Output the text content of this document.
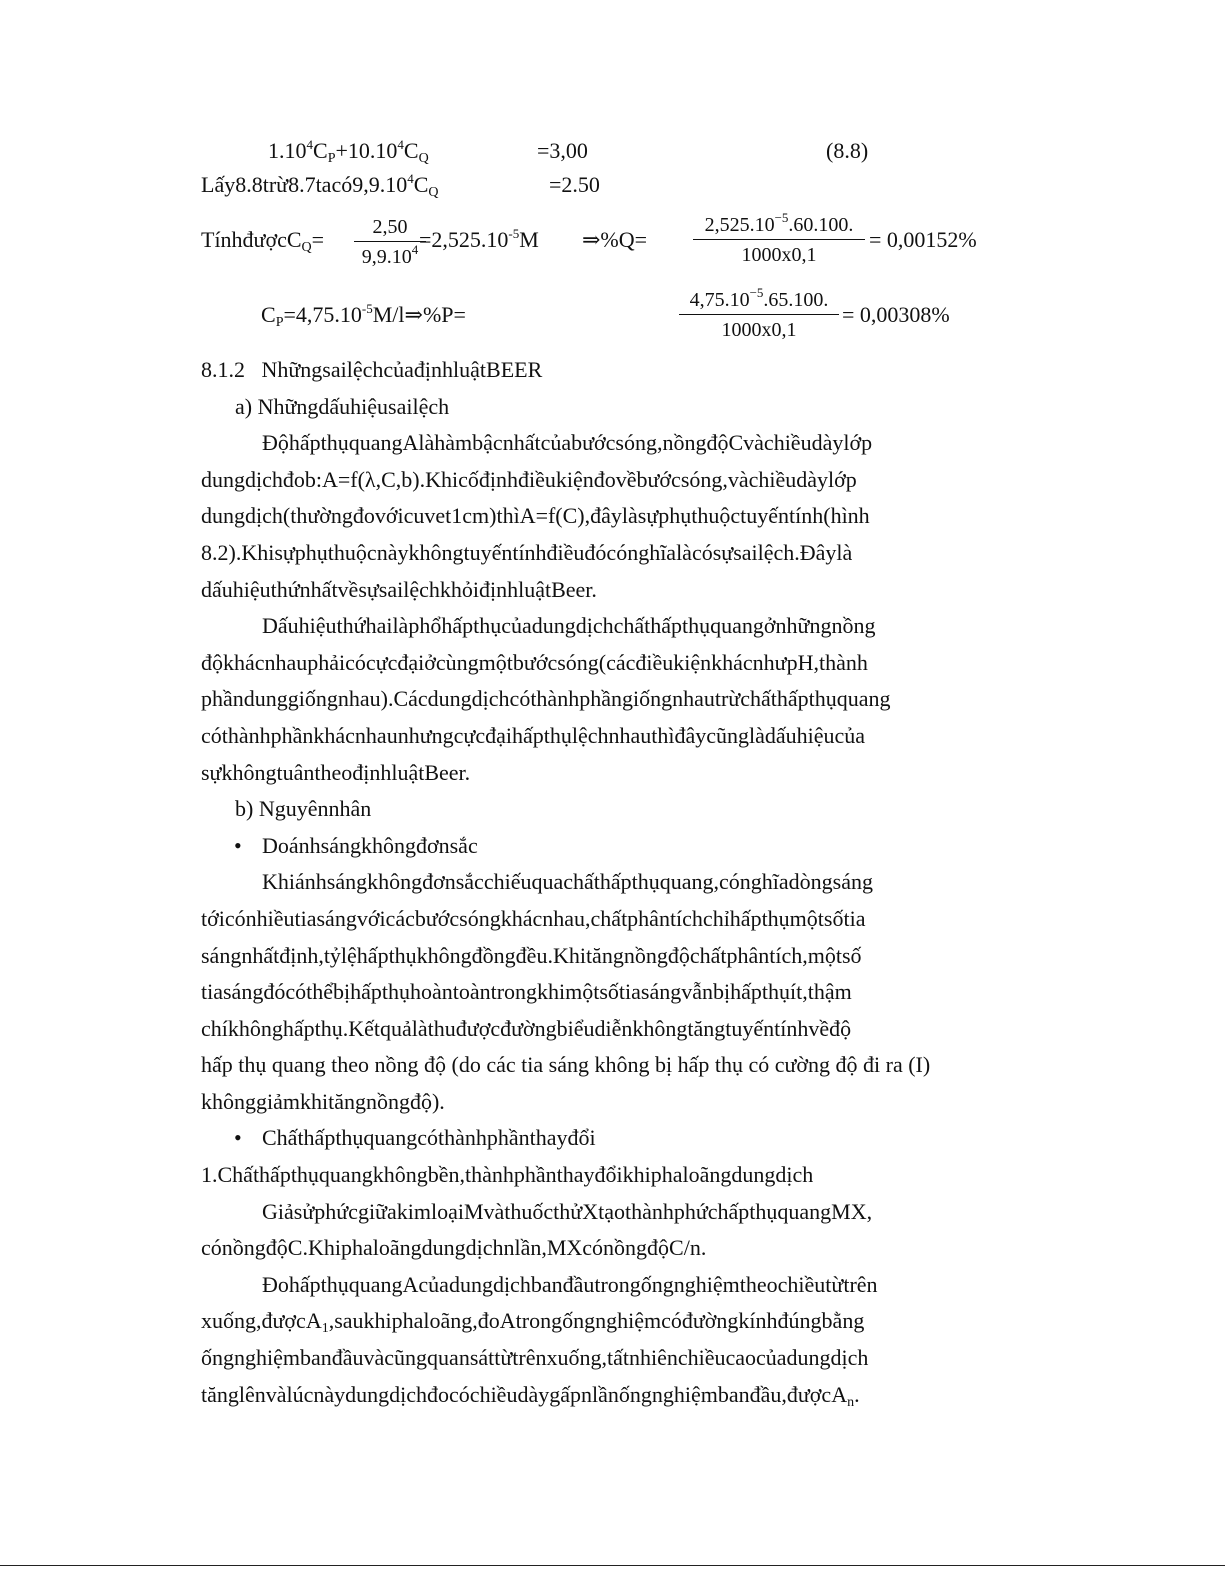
$1.10^4C_P+10.10^4C_Q$	=3,00	(8.8)
$Lấy8.8trừ8.7tacó9,9.10^4C_Q$	=2.50
TínhđượcC$_Q$= $\frac{2,50}{9,9.10^4}$
$=2,525.10^{-5}M$ ⇒%Q= $\frac{2,525.10^{-5}.60.100.}{1000x0,1} = 0,00152\%$
$C_P=4,75.10^{-5}M/l\Rightarrow\%P=$	$\frac{4,75.10^{-5}.65.100.}{1000x0,1} = 0,00308\%$
8.1.2 NhữngsailệchcủađịnhluậtBEER
a) Nhữngdấuhiệusailệch
ĐộhấpthụquangAlàhàmbậcnhấtcủabướcsóng,nồngđộCvàchiềudàylớp
dungdịchđob:A=f(λ,C,b).Khicốđịnhđiềukiệnđovềbướcsóng,vàchiềudàylớp
dungdịch(thườngđovớicuvet1cm)thìA=f(C),đâylàsựphụthuộctuyếntính(hình
8.2).Khisựphụthuộcnàykhôngtuyếntínhđiềuđócónghĩalàcósựsailệch.Đâylà
dấuhiệuthứnhấtvềsựsailệchkhỏiđịnhluậtBeer.
Dấuhiệuthứhailàphổhấpthụcủadungdịchchấthấpthụquangởnhữngnồng
độkhácnhauphảicócựcđạiởcùngmộtbướcsóng(cácđiềukiệnkhácnhưpH,thành
phầndunggiốngnhau).Cácdungdịchcóthànhphầngiốngnhautrừchấthấpthụquang
cóthànhphầnkhácnhaunhưngcựcđạihấpthụlệchnhauthìđâycũnglàdấuhiệucủa
sựkhôngtuântheođịnhluậtBeer.
b) Nguyênnhân
• Doánhsángkhôngđơnsắc
Khiánhsángkhôngđơnsắcchiếuquachấthấpthụquang,cónghĩadòngsáng
tớicónhiềutiasángvớicácbướcsóngkhácnhau,chấtphântíchchỉhấpthụmộtsốtia
sángnhấtđịnh,tỷlệhấpthụkhôngđồngđều.Khităngnồngđộchấtphântích,mộtsố
tiasángđócóthểbịhấpthụhoàntoàntrongkhimộtsốtiasángvẫnbịhấpthụít,thậm
chíkhônghấpthụ.Kếtquảlàthuđượcđườngbiểudiễnkhôngtăngtuyếntínhvềđộ
hấp thụ quang theo nồng độ (do các tia sáng không bị hấp thụ có cường độ đi ra (I)
khônggiảmkhităngnồngđộ).
• Chấthấpthụquangcóthànhphầnthayđổi
1.Chấthấpthụquangkhôngbền,thànhphầnthayđổikhiphaloãngdungdịch
GiảsửphứcgiữakimloạiMvàthuốcthửXtạothànhphứchấpthụquangMX,
cónồngđộC.Khiphaloãngdungdịchnlần,MXcónồngđộC/n.
ĐohấpthụquangAcủadungdịchbanđầutrongốngnghiệmtheochiềutừtrên
xuống,đượcA$_1$,saukhiphaloãng,đoAtrongốngnghiệmcóđườngkínhđúngbằng
ốngnghiệmbanđầuvàcũngquansáttừtrênxuống,tấtnhiênchiềucaocủadungdịch
tănglênvàlúcnàydungdịchđocóchiềudàygấpnlầnốngnghiệmbanđầu,đượcA$_n$.
